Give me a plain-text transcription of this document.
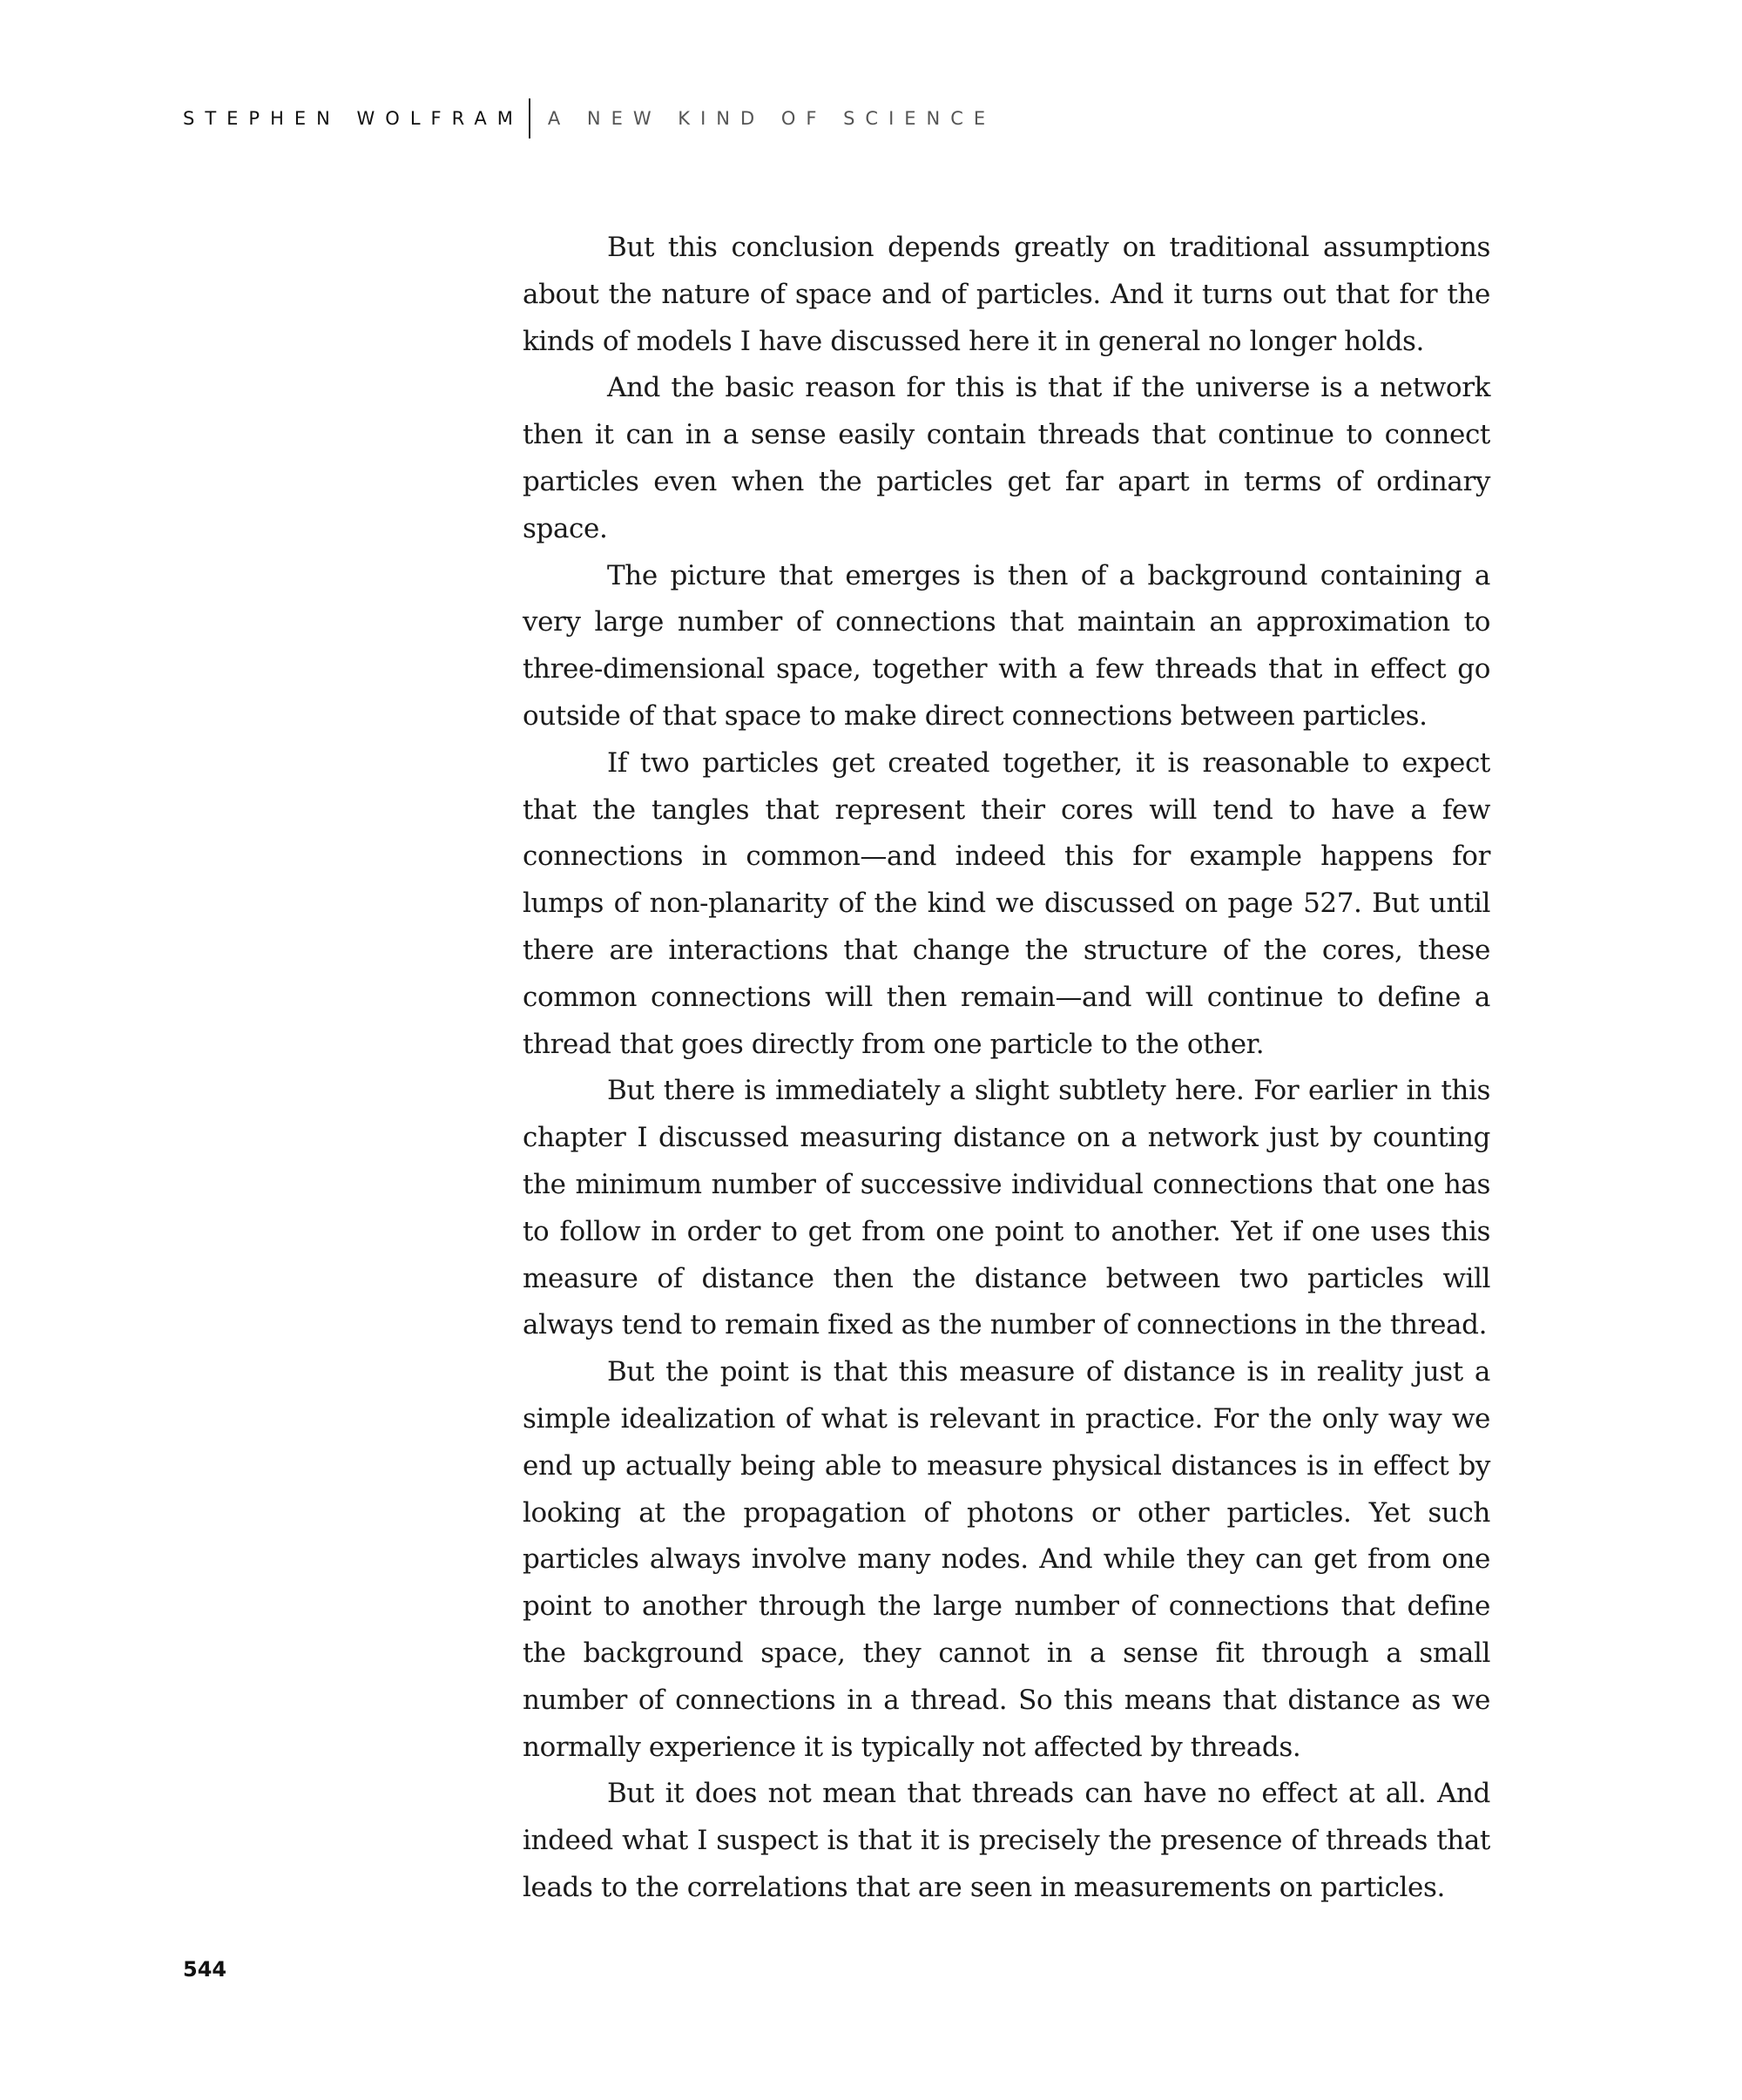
STEPHEN WOLFRAM A NEW KIND OF SCIENCE

But this conclusion depends greatly on traditional assumptions about the nature of space and of particles. And it turns out that for the kinds of models I have discussed here it in general no longer holds.

And the basic reason for this is that if the universe is a network then it can in a sense easily contain threads that continue to connect particles even when the particles get far apart in terms of ordinary space.

The picture that emerges is then of a background containing a very large number of connections that maintain an approximation to three-dimensional space, together with a few threads that in effect go outside of that space to make direct connections between particles.

If two particles get created together, it is reasonable to expect that the tangles that represent their cores will tend to have a few connections in common—and indeed this for example happens for lumps of non-planarity of the kind we discussed on page 527. But until there are interactions that change the structure of the cores, these common connections will then remain—and will continue to define a thread that goes directly from one particle to the other.

But there is immediately a slight subtlety here. For earlier in this chapter I discussed measuring distance on a network just by counting the minimum number of successive individual connections that one has to follow in order to get from one point to another. Yet if one uses this measure of distance then the distance between two particles will always tend to remain fixed as the number of connections in the thread.

But the point is that this measure of distance is in reality just a simple idealization of what is relevant in practice. For the only way we end up actually being able to measure physical distances is in effect by looking at the propagation of photons or other particles. Yet such particles always involve many nodes. And while they can get from one point to another through the large number of connections that define the background space, they cannot in a sense fit through a small number of connections in a thread. So this means that distance as we normally experience it is typically not affected by threads.

But it does not mean that threads can have no effect at all. And indeed what I suspect is that it is precisely the presence of threads that leads to the correlations that are seen in measurements on particles.

544
